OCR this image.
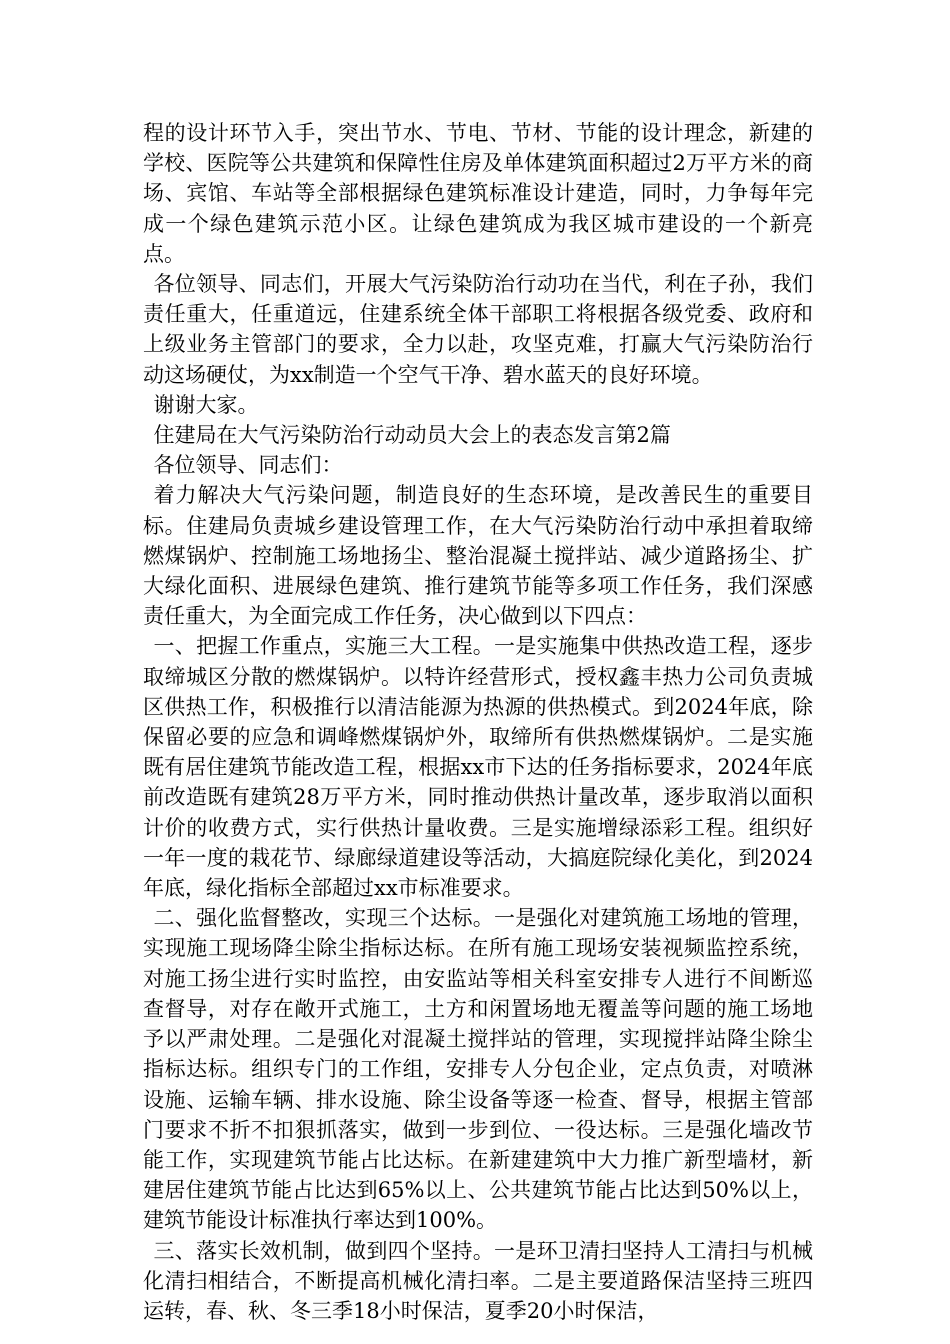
程的设计环节入手，突出节水、节电、节材、节能的设计理念，新建的学校、医院等公共建筑和保障性住房及单体建筑面积超过2万平方米的商场、宾馆、车站等全部根据绿色建筑标准设计建造，同时，力争每年完成一个绿色建筑示范小区。让绿色建筑成为我区城市建设的一个新亮点。

各位领导、同志们，开展大气污染防治行动功在当代，利在子孙，我们责任重大，任重道远，住建系统全体干部职工将根据各级党委、政府和上级业务主管部门的要求，全力以赴，攻坚克难，打赢大气污染防治行动这场硬仗，为xx制造一个空气干净、碧水蓝天的良好环境。

谢谢大家。

住建局在大气污染防治行动动员大会上的表态发言第2篇

各位领导、同志们：

着力解决大气污染问题，制造良好的生态环境，是改善民生的重要目标。住建局负责城乡建设管理工作，在大气污染防治行动中承担着取缔燃煤锅炉、控制施工场地扬尘、整治混凝土搅拌站、减少道路扬尘、扩大绿化面积、进展绿色建筑、推行建筑节能等多项工作任务，我们深感责任重大，为全面完成工作任务，决心做到以下四点：

一、把握工作重点，实施三大工程。一是实施集中供热改造工程，逐步取缔城区分散的燃煤锅炉。以特许经营形式，授权鑫丰热力公司负责城区供热工作，积极推行以清洁能源为热源的供热模式。到2024年底，除保留必要的应急和调峰燃煤锅炉外，取缔所有供热燃煤锅炉。二是实施既有居住建筑节能改造工程，根据xx市下达的任务指标要求，2024年底前改造既有建筑28万平方米，同时推动供热计量改革，逐步取消以面积计价的收费方式，实行供热计量收费。三是实施增绿添彩工程。组织好一年一度的栽花节、绿廊绿道建设等活动，大搞庭院绿化美化，到2024年底，绿化指标全部超过xx市标准要求。

二、强化监督整改，实现三个达标。一是强化对建筑施工场地的管理，实现施工现场降尘除尘指标达标。在所有施工现场安装视频监控系统，对施工扬尘进行实时监控，由安监站等相关科室安排专人进行不间断巡查督导，对存在敞开式施工，土方和闲置场地无覆盖等问题的施工场地予以严肃处理。二是强化对混凝土搅拌站的管理，实现搅拌站降尘除尘指标达标。组织专门的工作组，安排专人分包企业，定点负责，对喷淋设施、运输车辆、排水设施、除尘设备等逐一检查、督导，根据主管部门要求不折不扣狠抓落实，做到一步到位、一役达标。三是强化墙改节能工作，实现建筑节能占比达标。在新建建筑中大力推广新型墙材，新建居住建筑节能占比达到65%以上、公共建筑节能占比达到50%以上，建筑节能设计标准执行率达到100%。

三、落实长效机制，做到四个坚持。一是环卫清扫坚持人工清扫与机械化清扫相结合，不断提高机械化清扫率。二是主要道路保洁坚持三班四运转，春、秋、冬三季18小时保洁，夏季20小时保洁，
